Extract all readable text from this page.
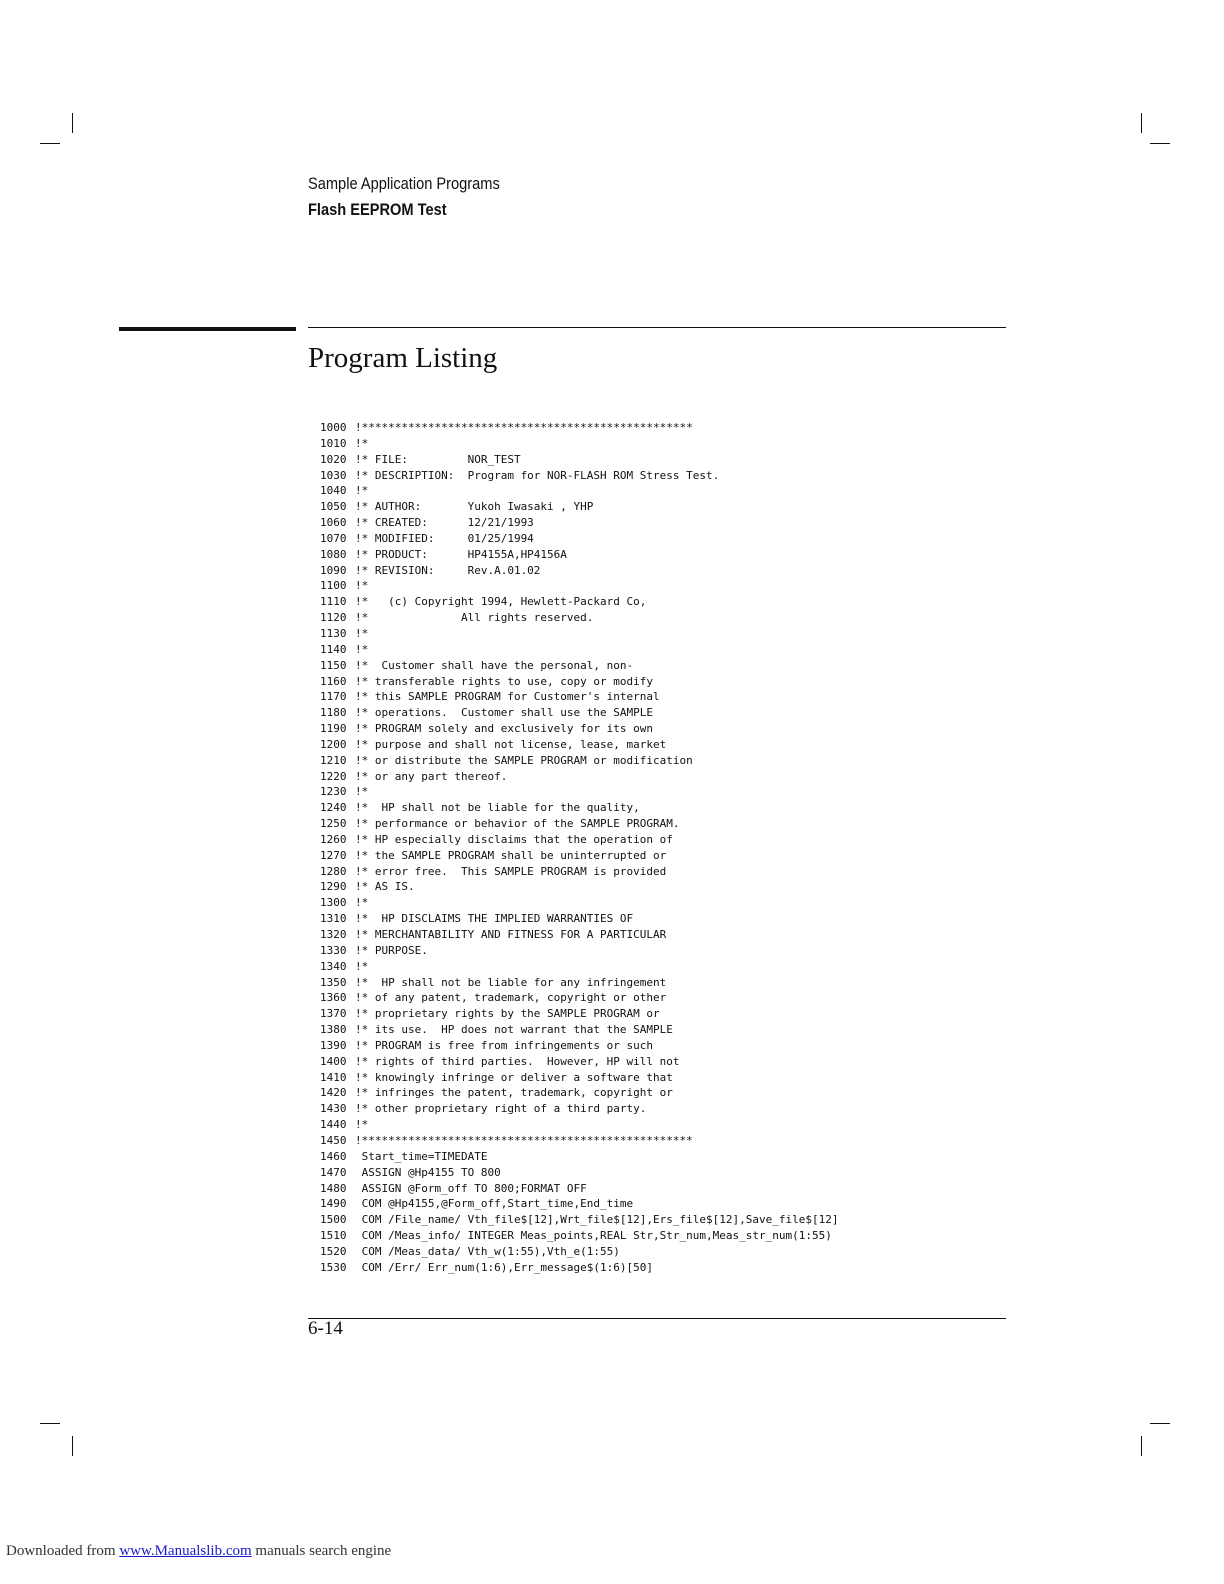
Sample Application Programs
Flash EEPROM Test
Program Listing
1000 !**************************************************
1010 !*
1020 !* FILE:         NOR_TEST
1030 !* DESCRIPTION:  Program for NOR-FLASH ROM Stress Test.
1040 !*
1050 !* AUTHOR:       Yukoh Iwasaki , YHP
1060 !* CREATED:      12/21/1993
1070 !* MODIFIED:     01/25/1994
1080 !* PRODUCT:      HP4155A,HP4156A
1090 !* REVISION:     Rev.A.01.02
1100 !*
1110 !*   (c) Copyright 1994, Hewlett-Packard Co,
1120 !*              All rights reserved.
1130 !*
1140 !*
1150 !*  Customer shall have the personal, non-
1160 !* transferable rights to use, copy or modify
1170 !* this SAMPLE PROGRAM for Customer's internal
1180 !* operations.  Customer shall use the SAMPLE
1190 !* PROGRAM solely and exclusively for its own
1200 !* purpose and shall not license, lease, market
1210 !* or distribute the SAMPLE PROGRAM or modification
1220 !* or any part thereof.
1230 !*
1240 !*  HP shall not be liable for the quality,
1250 !* performance or behavior of the SAMPLE PROGRAM.
1260 !* HP especially disclaims that the operation of
1270 !* the SAMPLE PROGRAM shall be uninterrupted or
1280 !* error free.  This SAMPLE PROGRAM is provided
1290 !* AS IS.
1300 !*
1310 !*  HP DISCLAIMS THE IMPLIED WARRANTIES OF
1320 !* MERCHANTABILITY AND FITNESS FOR A PARTICULAR
1330 !* PURPOSE.
1340 !*
1350 !*  HP shall not be liable for any infringement
1360 !* of any patent, trademark, copyright or other
1370 !* proprietary rights by the SAMPLE PROGRAM or
1380 !* its use.  HP does not warrant that the SAMPLE
1390 !* PROGRAM is free from infringements or such
1400 !* rights of third parties.  However, HP will not
1410 !* knowingly infringe or deliver a software that
1420 !* infringes the patent, trademark, copyright or
1430 !* other proprietary right of a third party.
1440 !*
1450 !**************************************************
1460 Start_time=TIMEDATE
1470 ASSIGN @Hp4155 TO 800
1480 ASSIGN @Form_off TO 800;FORMAT OFF
1490 COM @Hp4155,@Form_off,Start_time,End_time
1500 COM /File_name/ Vth_file$[12],Wrt_file$[12],Ers_file$[12],Save_file$[12]
1510 COM /Meas_info/ INTEGER Meas_points,REAL Str,Str_num,Meas_str_num(1:55)
1520 COM /Meas_data/ Vth_w(1:55),Vth_e(1:55)
1530 COM /Err/ Err_num(1:6),Err_message$(1:6)[50]
6-14
Downloaded from www.Manualslib.com manuals search engine
